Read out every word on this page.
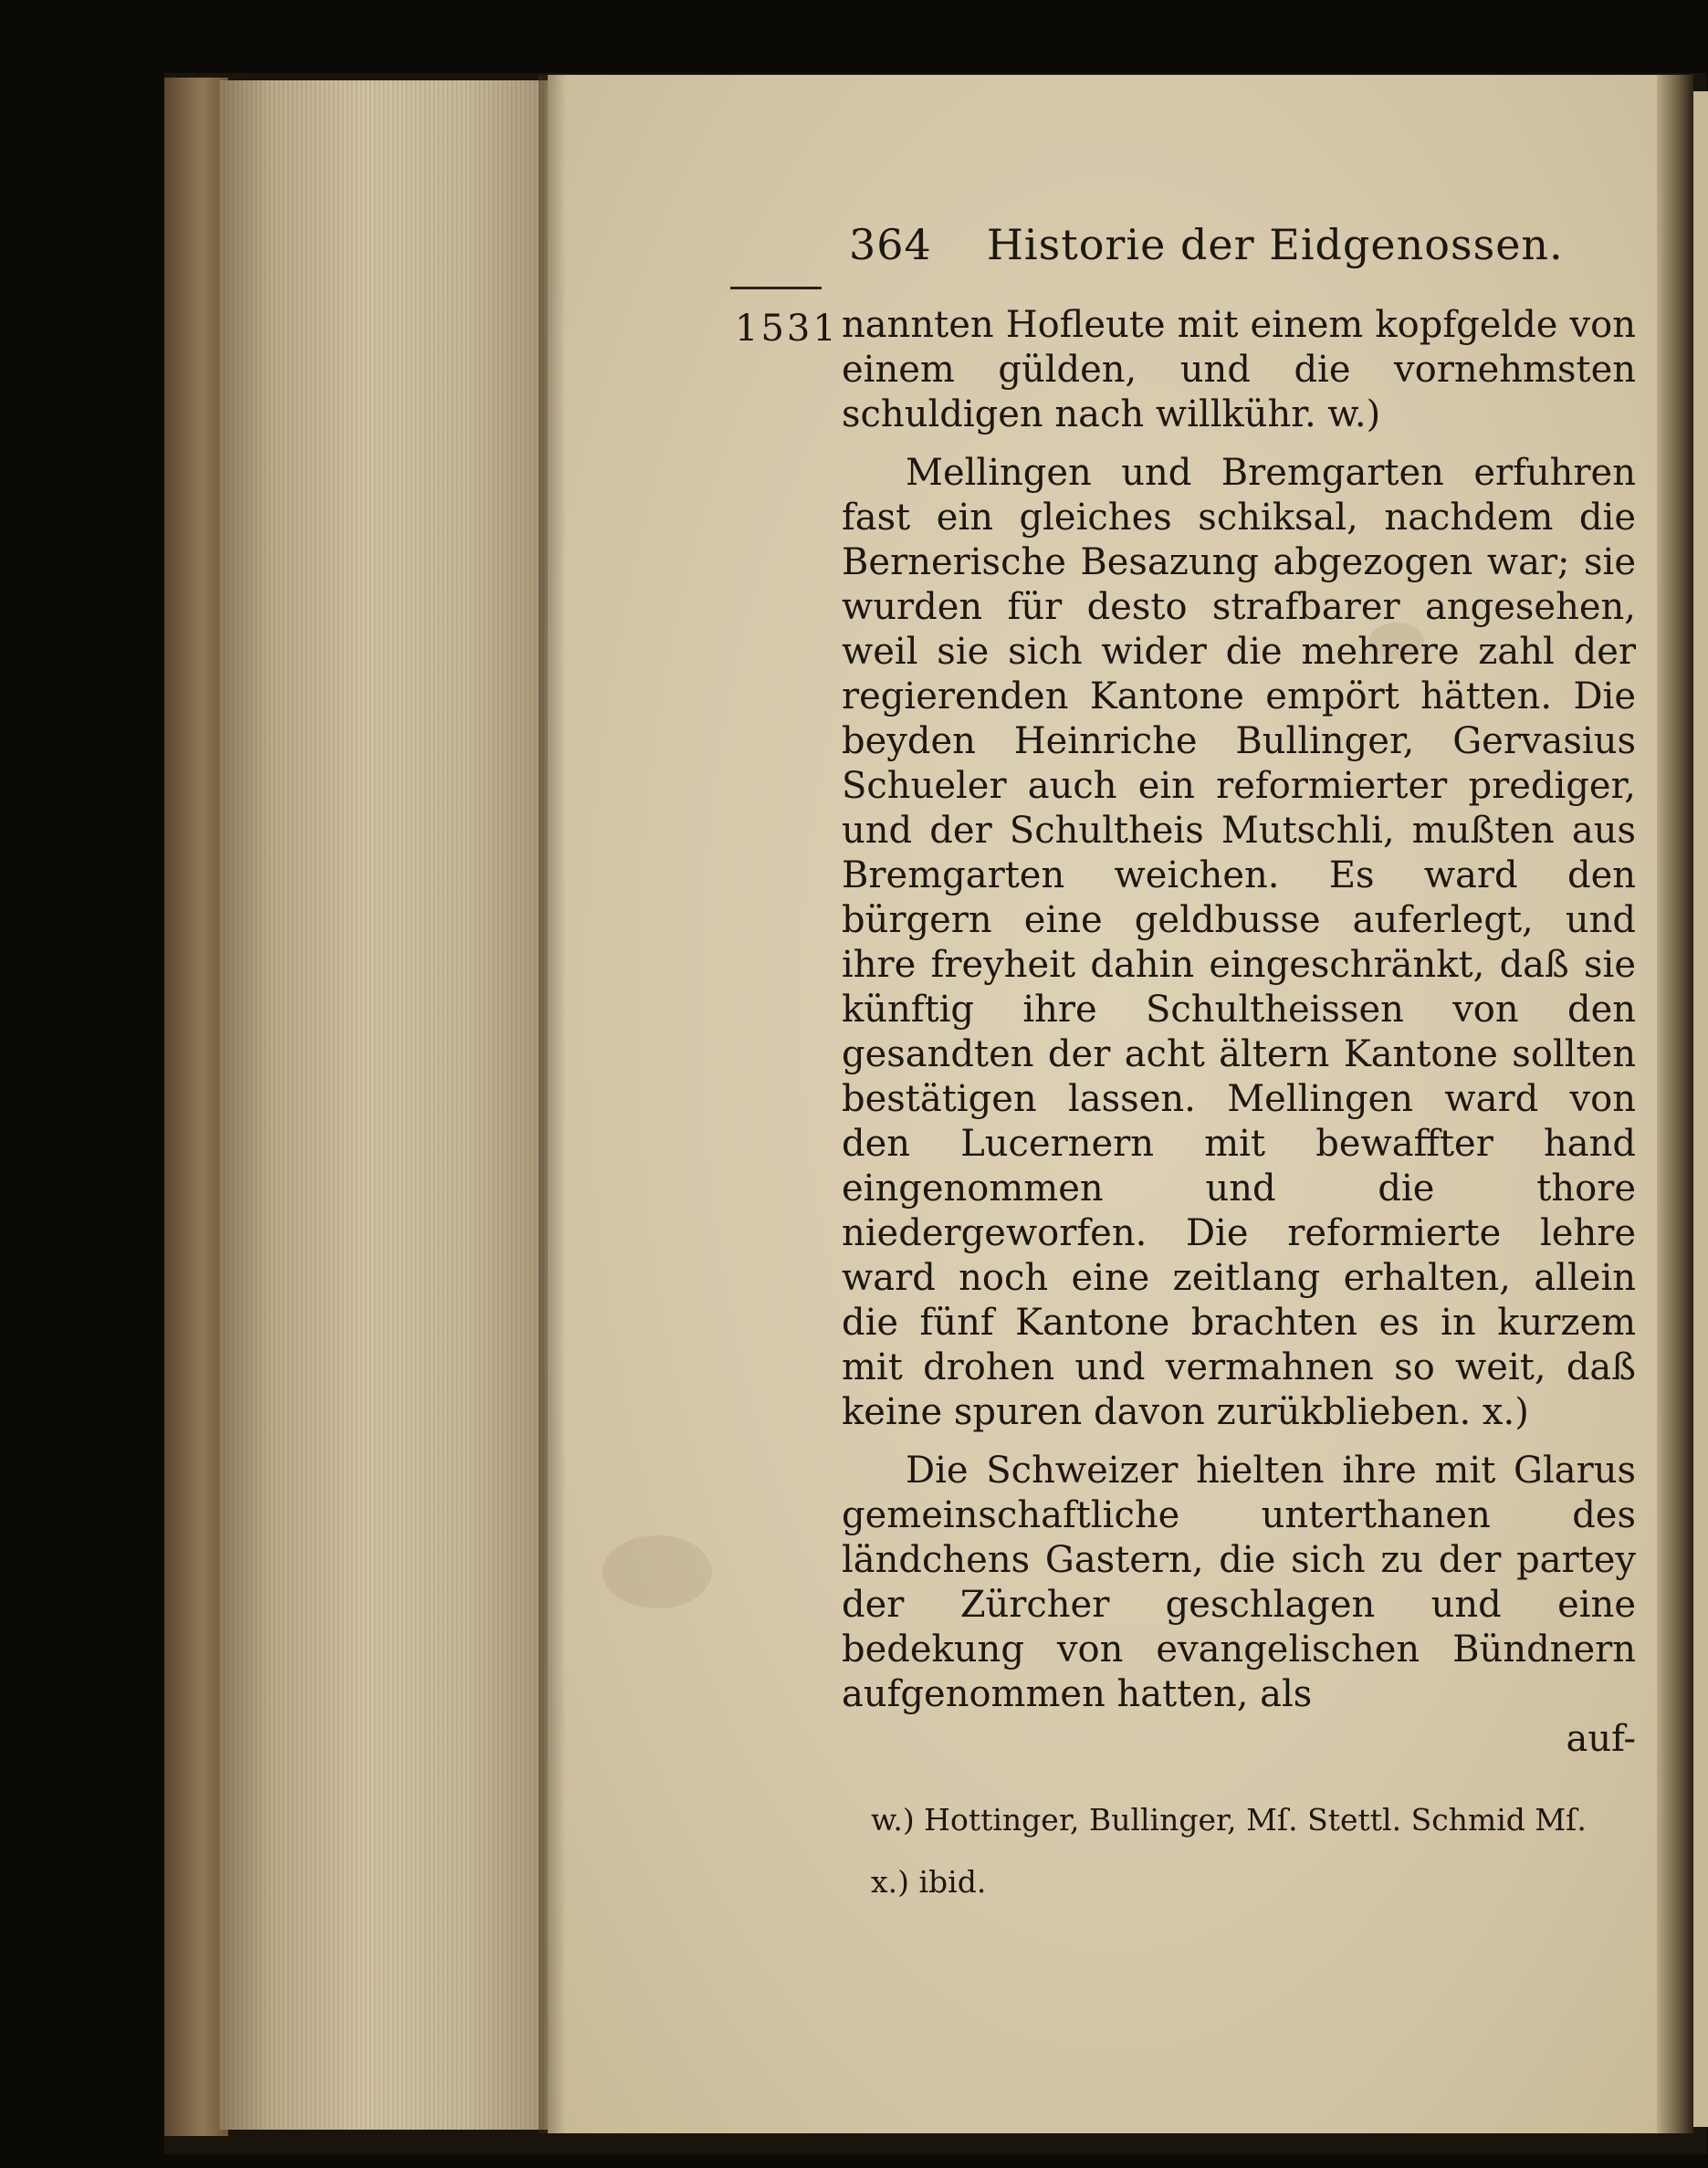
364 Historie der Eidgenossen.
1531 nannten Hofleute mit einem kopfgelde von einem gülden, und die vornehmsten schuldigen nach willkühr. w.)

Mellingen und Bremgarten erfuhren fast ein gleiches schiksal, nachdem die Bernerische Besazung abgezogen war; sie wurden für desto strafbarer angesehen, weil sie sich wider die mehrere zahl der regierenden Kantone empört hätten. Die beyden Heinriche Bullinger, Gervasius Schueler auch ein reformierter prediger, und der Schultheis Mutschli, mußten aus Bremgarten weichen. Es ward den bürgern eine geldbusse auferlegt, und ihre freyheit dahin eingeschränkt, daß sie künftig ihre Schultheissen von den gesandten der acht ältern Kantone sollten bestätigen lassen. Mellingen ward von den Lucernern mit bewaffter hand eingenommen und die thore niedergeworfen. Die reformierte lehre ward noch eine zeitlang erhalten, allein die fünf Kantone brachten es in kurzem mit drohen und vermahnen so weit, daß keine spuren davon zurükblieben. x.)

Die Schweizer hielten ihre mit Glarus gemeinschaftliche unterthanen des ländchens Gastern, die sich zu der partey der Zürcher geschlagen und eine bedekung von evangelischen Bündnern aufgenommen hatten, als

auf-
w.) Hottinger, Bullinger, Mſ. Stettl. Schmid Mſ.
x.) ibid.
